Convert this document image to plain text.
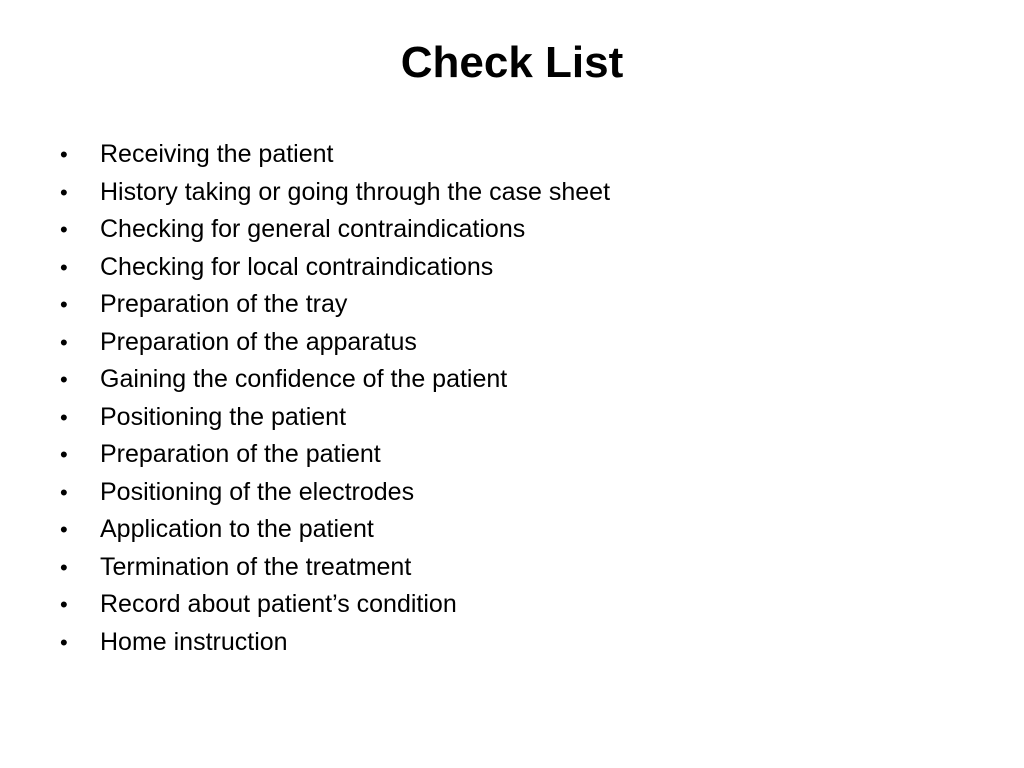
Check List
•	Receiving the patient
•	History taking or going through the case sheet
•	Checking for general contraindications
•	Checking for local contraindications
•	Preparation of the tray
•	Preparation of the apparatus
•	Gaining the confidence of the patient
•	Positioning the patient
•	Preparation of the patient
•	Positioning of the electrodes
•	Application to the patient
•	Termination of the treatment
•	Record about patient’s condition
•	Home instruction
